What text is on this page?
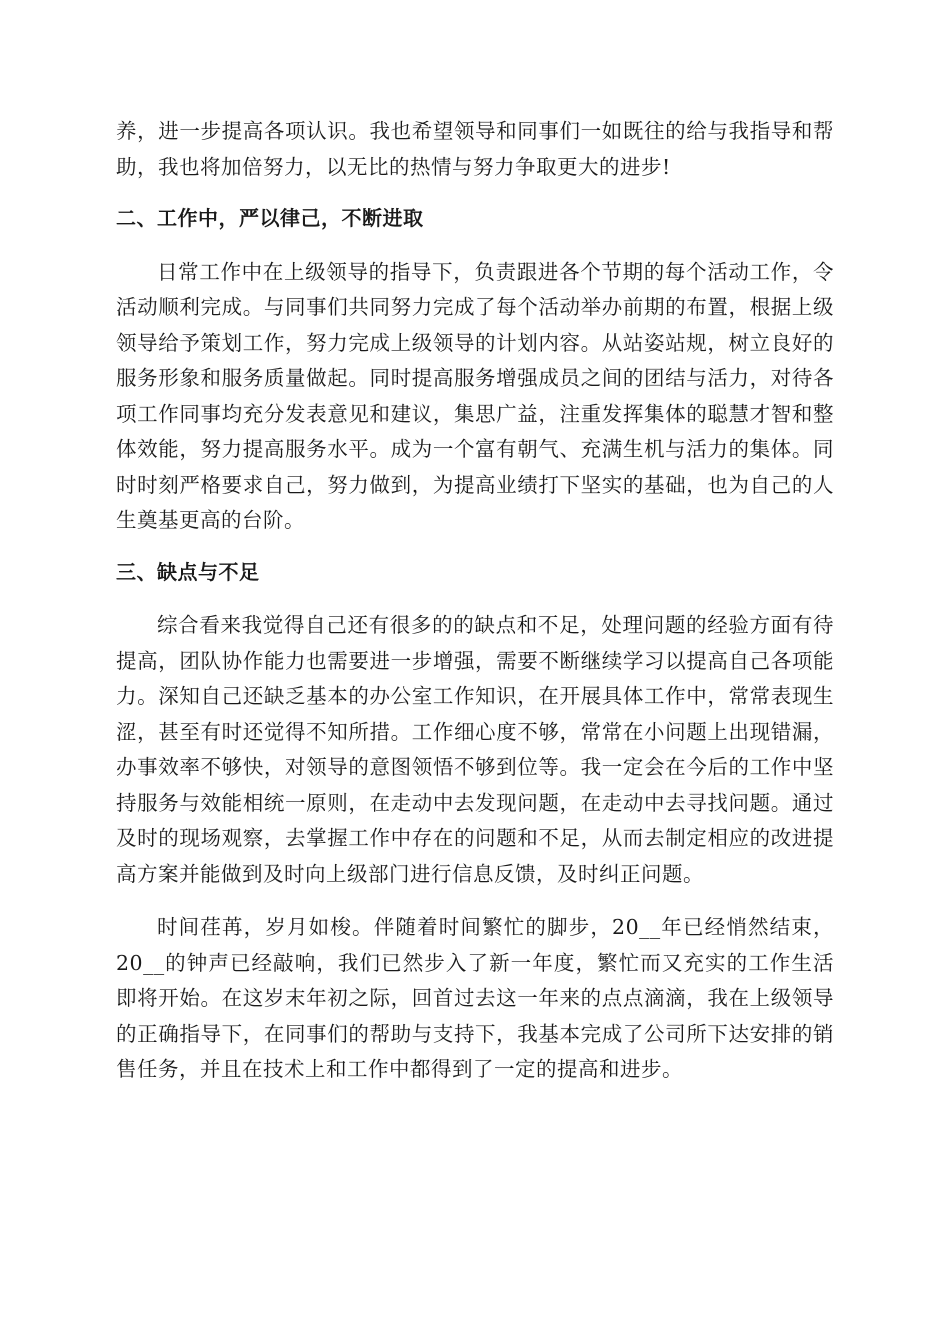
养，进一步提高各项认识。我也希望领导和同事们一如既往的给与我指导和帮助，我也将加倍努力，以无比的热情与努力争取更大的进步!

二、工作中，严以律己，不断进取

日常工作中在上级领导的指导下，负责跟进各个节期的每个活动工作，令活动顺利完成。与同事们共同努力完成了每个活动举办前期的布置，根据上级领导给予策划工作，努力完成上级领导的计划内容。从站姿站规，树立良好的服务形象和服务质量做起。同时提高服务增强成员之间的团结与活力，对待各项工作同事均充分发表意见和建议，集思广益，注重发挥集体的聪慧才智和整体效能，努力提高服务水平。成为一个富有朝气、充满生机与活力的集体。同时时刻严格要求自己，努力做到，为提高业绩打下坚实的基础，也为自己的人生奠基更高的台阶。

三、缺点与不足

综合看来我觉得自己还有很多的的缺点和不足，处理问题的经验方面有待提高，团队协作能力也需要进一步增强，需要不断继续学习以提高自己各项能力。深知自己还缺乏基本的办公室工作知识，在开展具体工作中，常常表现生涩，甚至有时还觉得不知所措。工作细心度不够，常常在小问题上出现错漏，办事效率不够快，对领导的意图领悟不够到位等。我一定会在今后的工作中坚持服务与效能相统一原则，在走动中去发现问题，在走动中去寻找问题。通过及时的现场观察，去掌握工作中存在的问题和不足，从而去制定相应的改进提高方案并能做到及时向上级部门进行信息反馈，及时纠正问题。

时间荏苒，岁月如梭。伴随着时间繁忙的脚步，20__年已经悄然结束，20__的钟声已经敲响，我们已然步入了新一年度，繁忙而又充实的工作生活即将开始。在这岁末年初之际，回首过去这一年来的点点滴滴，我在上级领导的正确指导下，在同事们的帮助与支持下，我基本完成了公司所下达安排的销售任务，并且在技术上和工作中都得到了一定的提高和进步。
